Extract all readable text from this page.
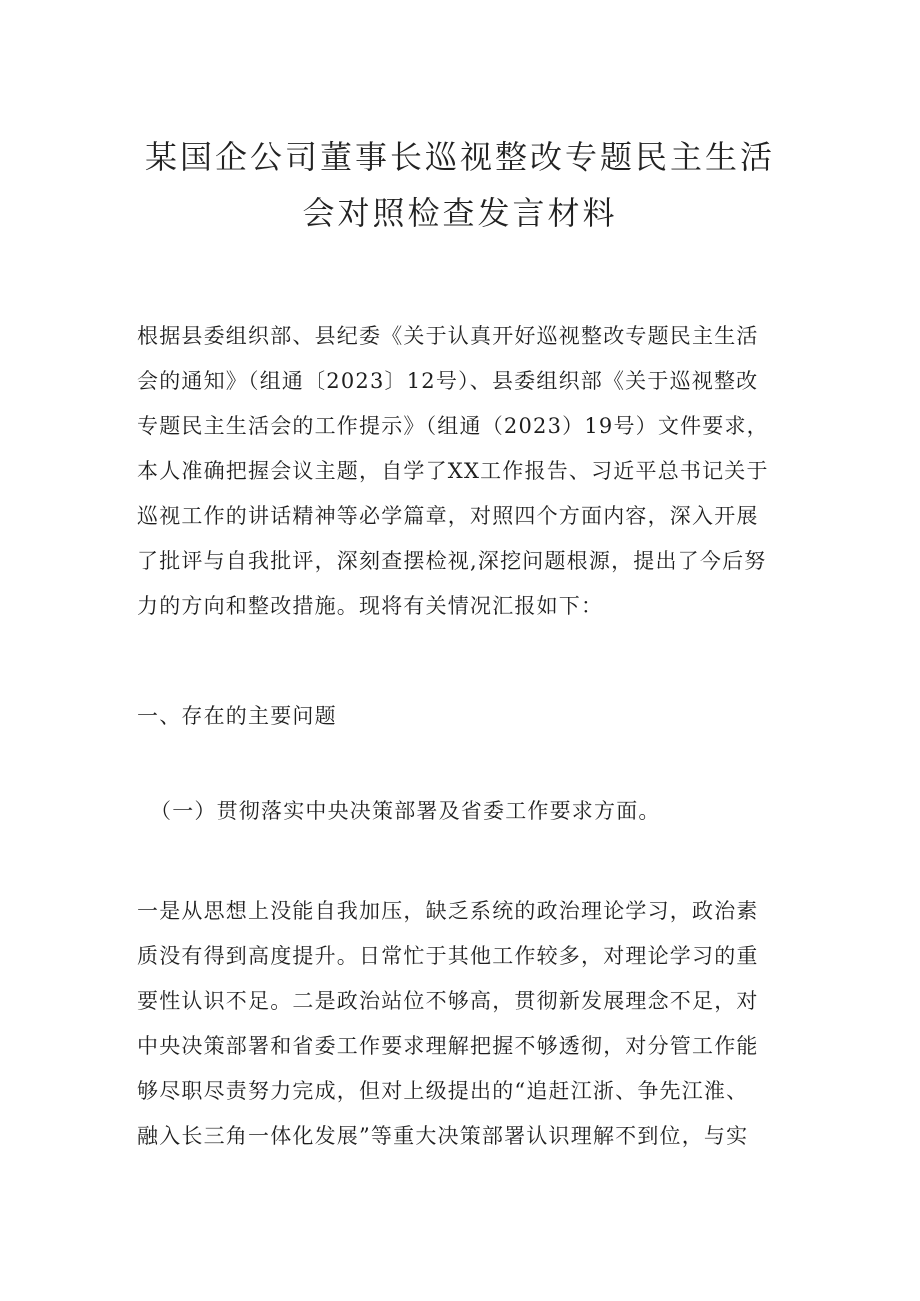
某国企公司董事长巡视整改专题民主生活
会对照检查发言材料
根据县委组织部、县纪委《关于认真开好巡视整改专题民主生活
会的通知》（组通〔2023〕12号）、县委组织部《关于巡视整改
专题民主生活会的工作提示》（组通（2023）19号）文件要求，
本人准确把握会议主题，自学了XX工作报告、习近平总书记关于
巡视工作的讲话精神等必学篇章，对照四个方面内容，深入开展
了批评与自我批评，深刻查摆检视,深挖问题根源，提出了今后努
力的方向和整改措施。现将有关情况汇报如下：
一、存在的主要问题
（一）贯彻落实中央决策部署及省委工作要求方面。
一是从思想上没能自我加压，缺乏系统的政治理论学习，政治素
质没有得到高度提升。日常忙于其他工作较多，对理论学习的重
要性认识不足。二是政治站位不够高，贯彻新发展理念不足，对
中央决策部署和省委工作要求理解把握不够透彻，对分管工作能
够尽职尽责努力完成，但对上级提出的“追赶江浙、争先江淮、
融入长三角一体化发展”等重大决策部署认识理解不到位，与实
